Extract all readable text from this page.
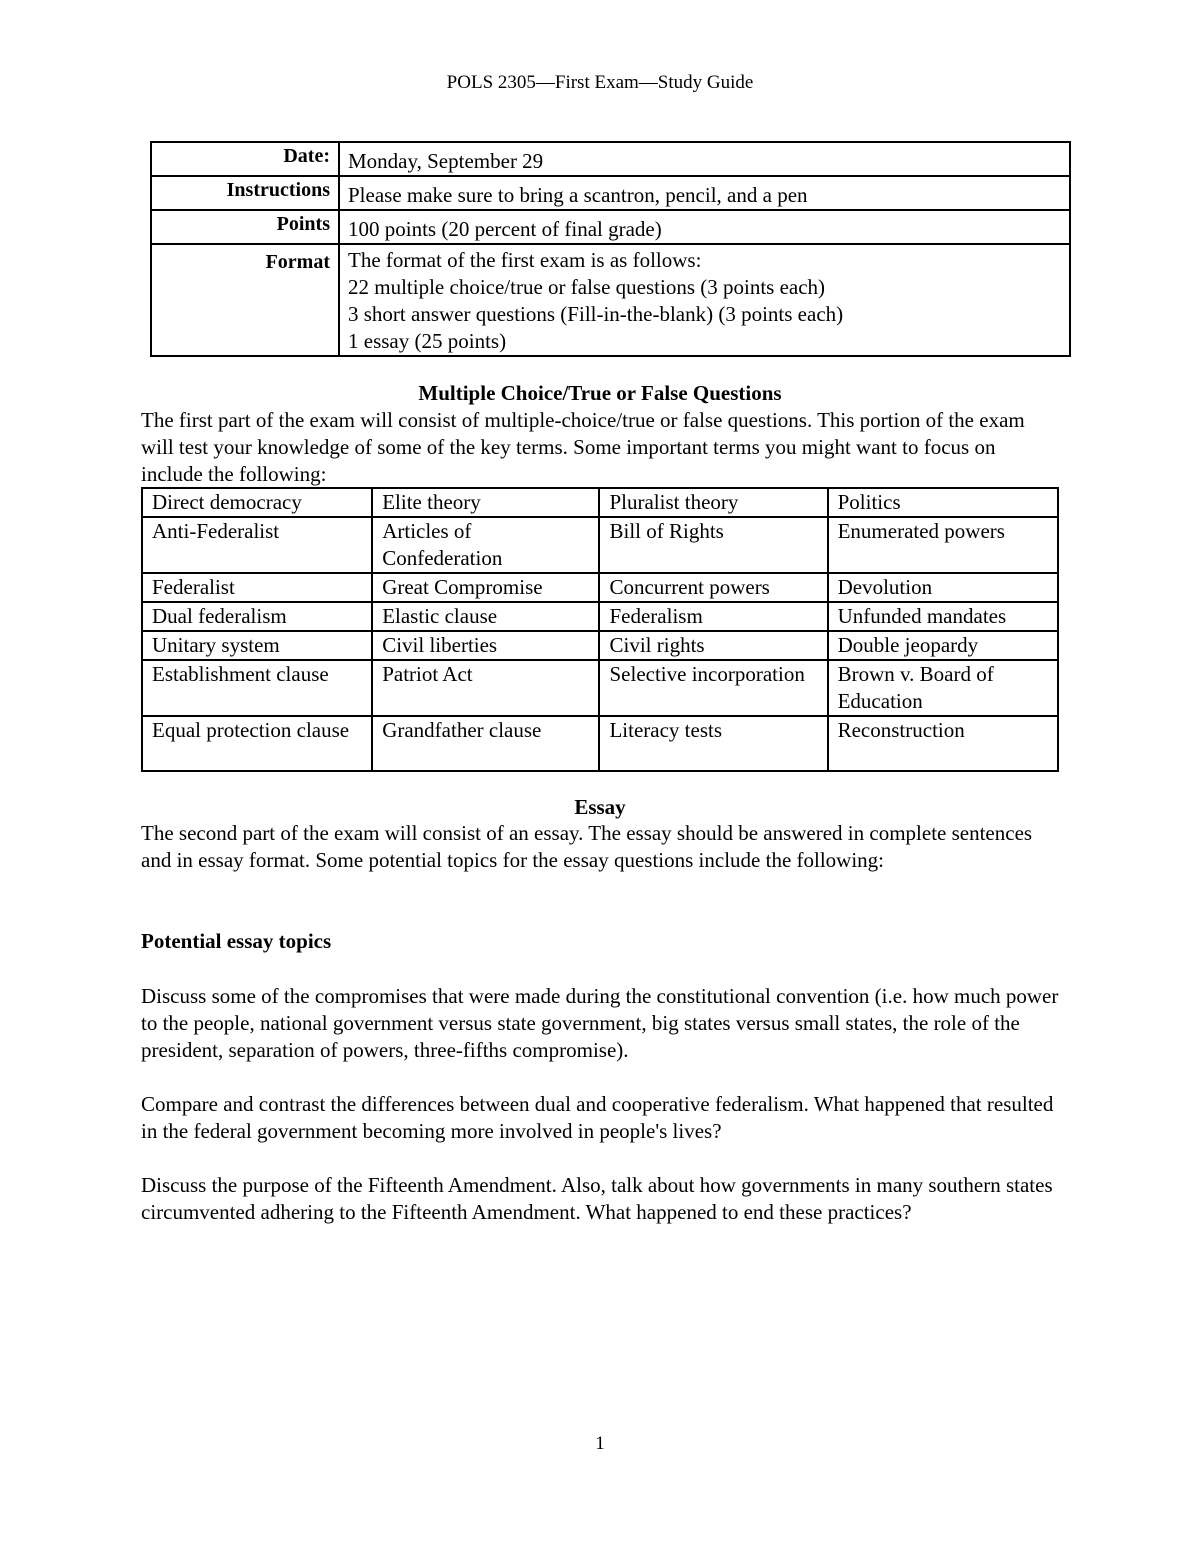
POLS 2305—First Exam—Study Guide
Date:	Monday, September 29
Instructions	Please make sure to bring a scantron, pencil, and a pen
Points	100 points (20 percent of final grade)
Format	The format of the first exam is as follows:
22 multiple choice/true or false questions (3 points each)
3 short answer questions (Fill-in-the-blank) (3 points each)
1 essay (25 points)
Multiple Choice/True or False Questions
The first part of the exam will consist of multiple-choice/true or false questions. This portion of the exam will test your knowledge of some of the key terms. Some important terms you might want to focus on include the following:
Direct democracy	Elite theory	Pluralist theory	Politics
Anti-Federalist	Articles of Confederation	Bill of Rights	Enumerated powers
Federalist	Great Compromise	Concurrent powers	Devolution
Dual federalism	Elastic clause	Federalism	Unfunded mandates
Unitary system	Civil liberties	Civil rights	Double jeopardy
Establishment clause	Patriot Act	Selective incorporation	Brown v. Board of Education
Equal protection clause	Grandfather clause	Literacy tests	Reconstruction
Essay
The second part of the exam will consist of an essay. The essay should be answered in complete sentences and in essay format. Some potential topics for the essay questions include the following:
Potential essay topics
Discuss some of the compromises that were made during the constitutional convention (i.e. how much power to the people, national government versus state government, big states versus small states, the role of the president, separation of powers, three-fifths compromise).
Compare and contrast the differences between dual and cooperative federalism. What happened that resulted in the federal government becoming more involved in people's lives?
Discuss the purpose of the Fifteenth Amendment. Also, talk about how governments in many southern states circumvented adhering to the Fifteenth Amendment. What happened to end these practices?
1
